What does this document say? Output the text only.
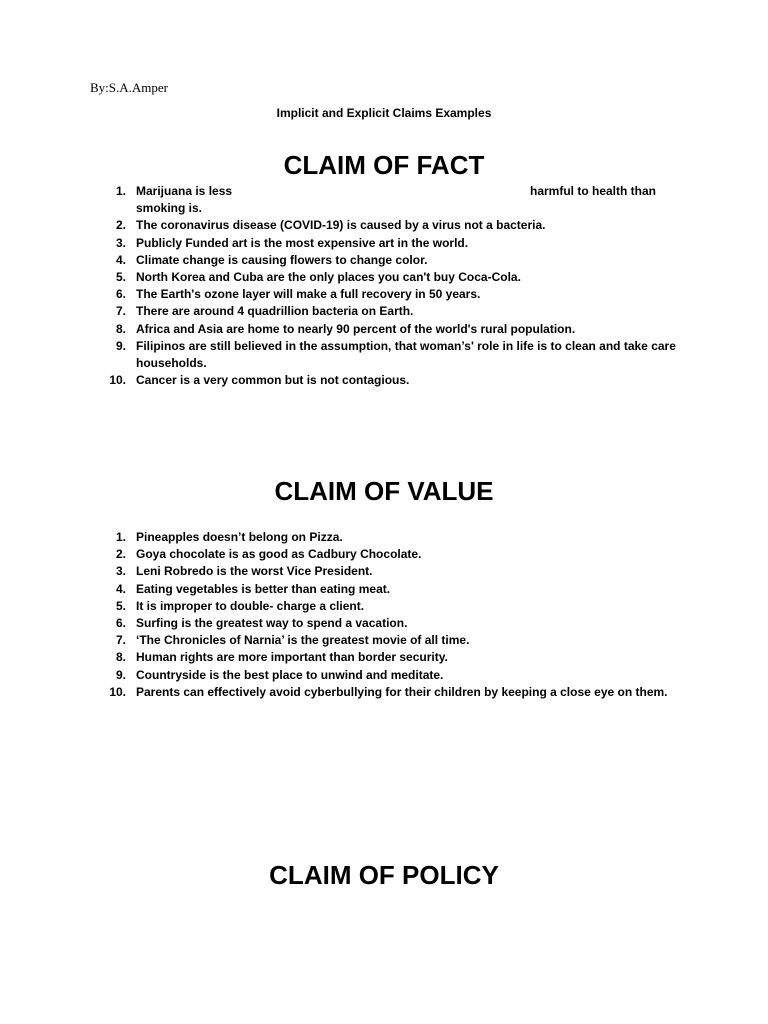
By:S.A.Amper
Implicit and Explicit Claims Examples
CLAIM OF FACT
1. Marijuana is less	harmful to health than
smoking is.
2. The coronavirus disease (COVID-19) is caused by a virus not a bacteria.
3. Publicly Funded art is the most expensive art in the world.
4. Climate change is causing flowers to change color.
5. North Korea and Cuba are the only places you can't buy Coca-Cola.
6. The Earth's ozone layer will make a full recovery in 50 years.
7. There are around 4 quadrillion bacteria on Earth.
8. Africa and Asia are home to nearly 90 percent of the world's rural population.
9. Filipinos are still believed in the assumption, that woman’s' role in life is to clean and take care households.
10. Cancer is a very common but is not contagious.
CLAIM OF VALUE
1. Pineapples doesn’t belong on Pizza.
2. Goya chocolate is as good as Cadbury Chocolate.
3. Leni Robredo is the worst Vice President.
4. Eating vegetables is better than eating meat.
5. It is improper to double- charge a client.
6. Surfing is the greatest way to spend a vacation.
7. ‘The Chronicles of Narnia’ is the greatest movie of all time.
8. Human rights are more important than border security.
9. Countryside is the best place to unwind and meditate.
10. Parents can effectively avoid cyberbullying for their children by keeping a close eye on them.
CLAIM OF POLICY
